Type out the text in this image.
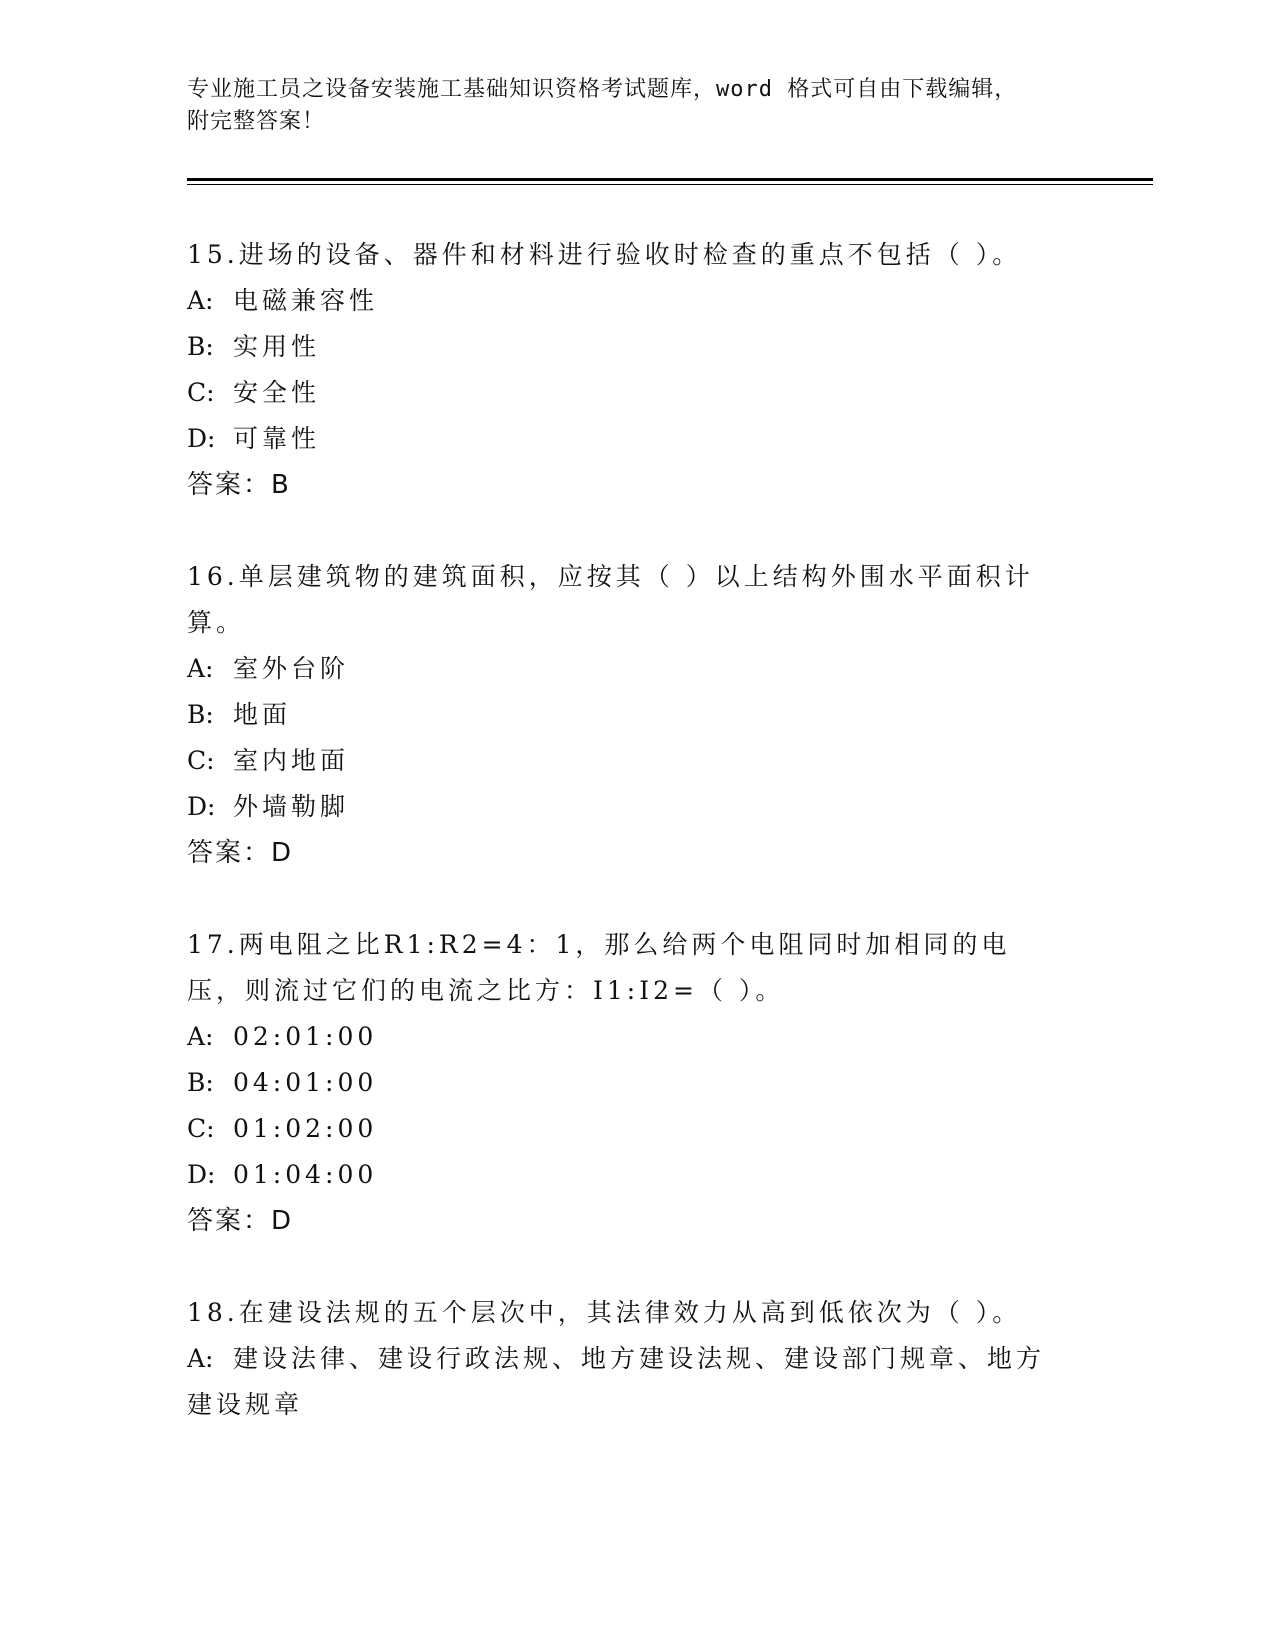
专业施工员之设备安装施工基础知识资格考试题库，word 格式可自由下载编辑，
附完整答案！

15.进场的设备、器件和材料进行验收时检查的重点不包括（ ）。

A: 电磁兼容性

B: 实用性

C: 安全性

D: 可靠性

答案：B

16.单层建筑物的建筑面积，应按其（ ）以上结构外围水平面积计算。

A: 室外台阶

B: 地面

C: 室内地面

D: 外墙勒脚

答案：D

17.两电阻之比R1:R2=4：1，那么给两个电阻同时加相同的电压，则流过它们的电流之比方：I1:I2=（ ）。

A: 02:01:00

B: 04:01:00

C: 01:02:00

D: 01:04:00

答案：D

18.在建设法规的五个层次中，其法律效力从高到低依次为（ ）。

A: 建设法律、建设行政法规、地方建设法规、建设部门规章、地方建设规章
